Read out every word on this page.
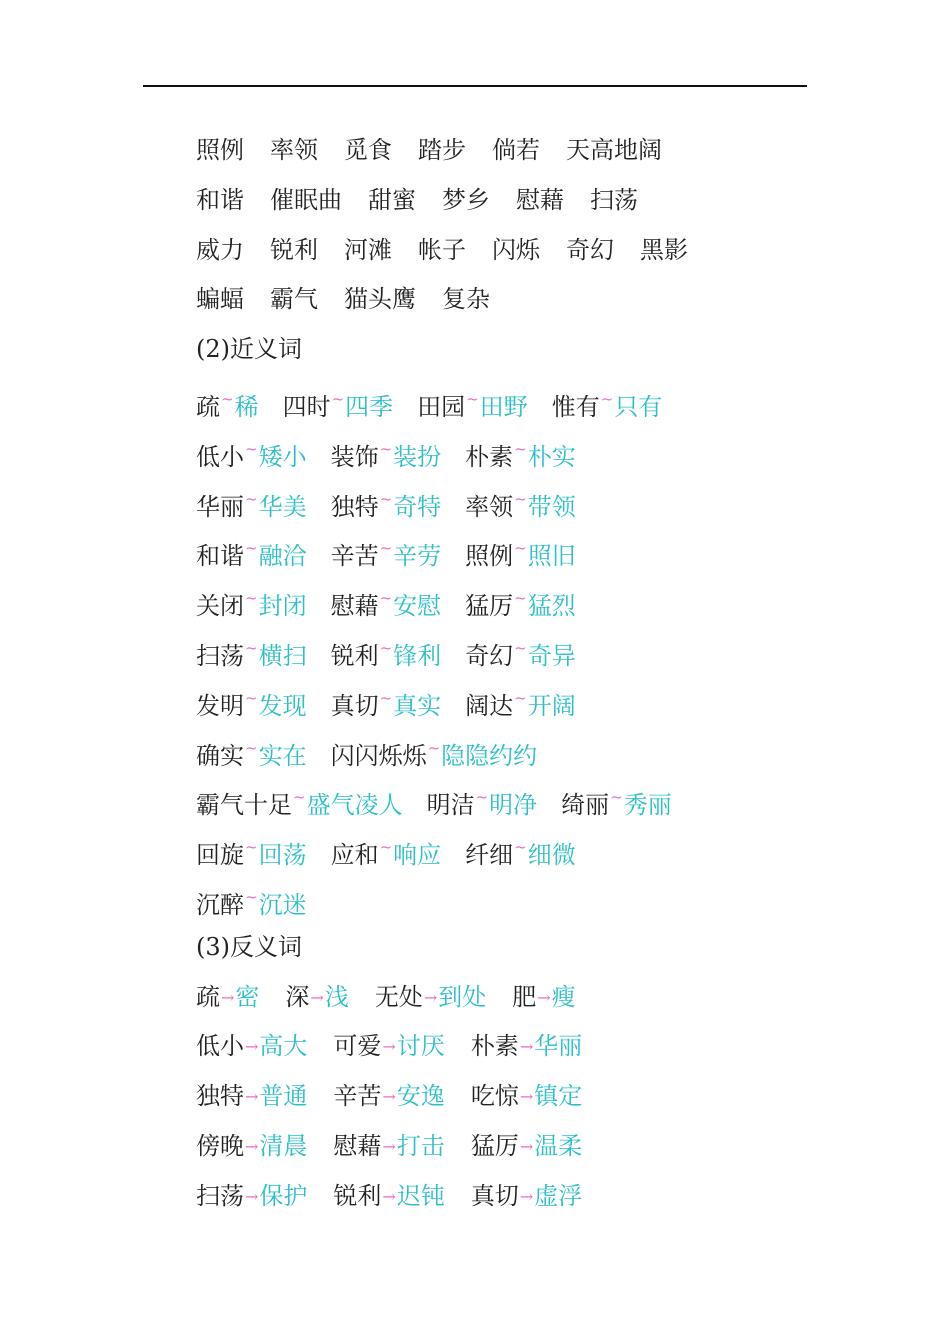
照例 率领 觅食 踏步 倘若 天高地阔
和谐 催眠曲 甜蜜 梦乡 慰藉 扫荡
威力 锐利 河滩 帐子 闪烁 奇幻 黑影
蝙蝠 霸气 猫头鹰 复杂
(2)近义词
疏~稀 四时~四季 田园~田野 惟有~只有
低小~矮小 装饰~装扮 朴素~朴实
华丽~华美 独特~奇特 率领~带领
和谐~融洽 辛苦~辛劳 照例~照旧
关闭~封闭 慰藉~安慰 猛厉~猛烈
扫荡~横扫 锐利~锋利 奇幻~奇异
发明~发现 真切~真实 阔达~开阔
确实~实在 闪闪烁烁~隐隐约约
霸气十足~盛气凌人 明洁~明净 绮丽~秀丽
回旋~回荡 应和~响应 纤细~细微
沉醉~沉迷
(3)反义词
疏→密 深→浅 无处→到处 肥→瘦
低小→高大 可爱→讨厌 朴素→华丽
独特→普通 辛苦→安逸 吃惊→镇定
傍晚→清晨 慰藉→打击 猛厉→温柔
扫荡→保护 锐利→迟钝 真切→虚浮
